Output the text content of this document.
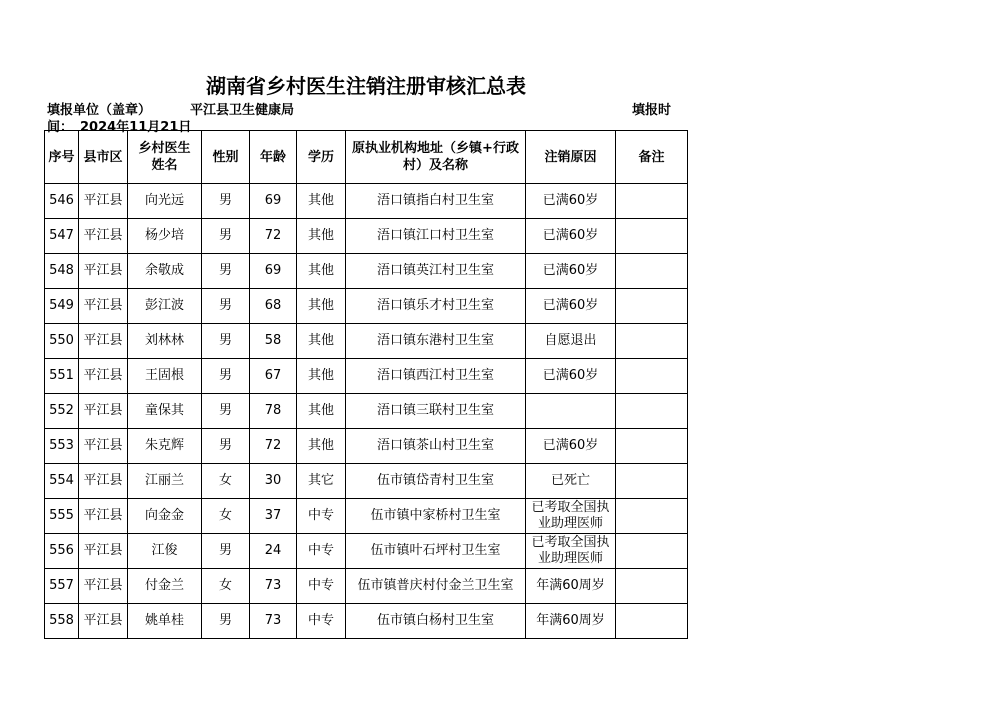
湖南省乡村医生注销注册审核汇总表
填报单位（盖章）	平江县卫生健康局	填报时
间： 2024年11月21日
序号	县市区	乡村医生姓名	性别	年龄	学历	原执业机构地址（乡镇+行政村）及名称	注销原因	备注
546	平江县	向光远	男	69	其他	浯口镇指白村卫生室	已满60岁	
547	平江县	杨少培	男	72	其他	浯口镇江口村卫生室	已满60岁	
548	平江县	余敬成	男	69	其他	浯口镇英江村卫生室	已满60岁	
549	平江县	彭江波	男	68	其他	浯口镇乐才村卫生室	已满60岁	
550	平江县	刘林林	男	58	其他	浯口镇东港村卫生室	自愿退出	
551	平江县	王固根	男	67	其他	浯口镇西江村卫生室	已满60岁	
552	平江县	童保其	男	78	其他	浯口镇三联村卫生室		
553	平江县	朱克辉	男	72	其他	浯口镇茶山村卫生室	已满60岁	
554	平江县	江丽兰	女	30	其它	伍市镇岱青村卫生室	已死亡	
555	平江县	向金金	女	37	中专	伍市镇中家桥村卫生室	已考取全国执业助理医师	
556	平江县	江俊	男	24	中专	伍市镇叶石坪村卫生室	已考取全国执业助理医师	
557	平江县	付金兰	女	73	中专	伍市镇普庆村付金兰卫生室	年满60周岁	
558	平江县	姚单桂	男	73	中专	伍市镇白杨村卫生室	年满60周岁	
